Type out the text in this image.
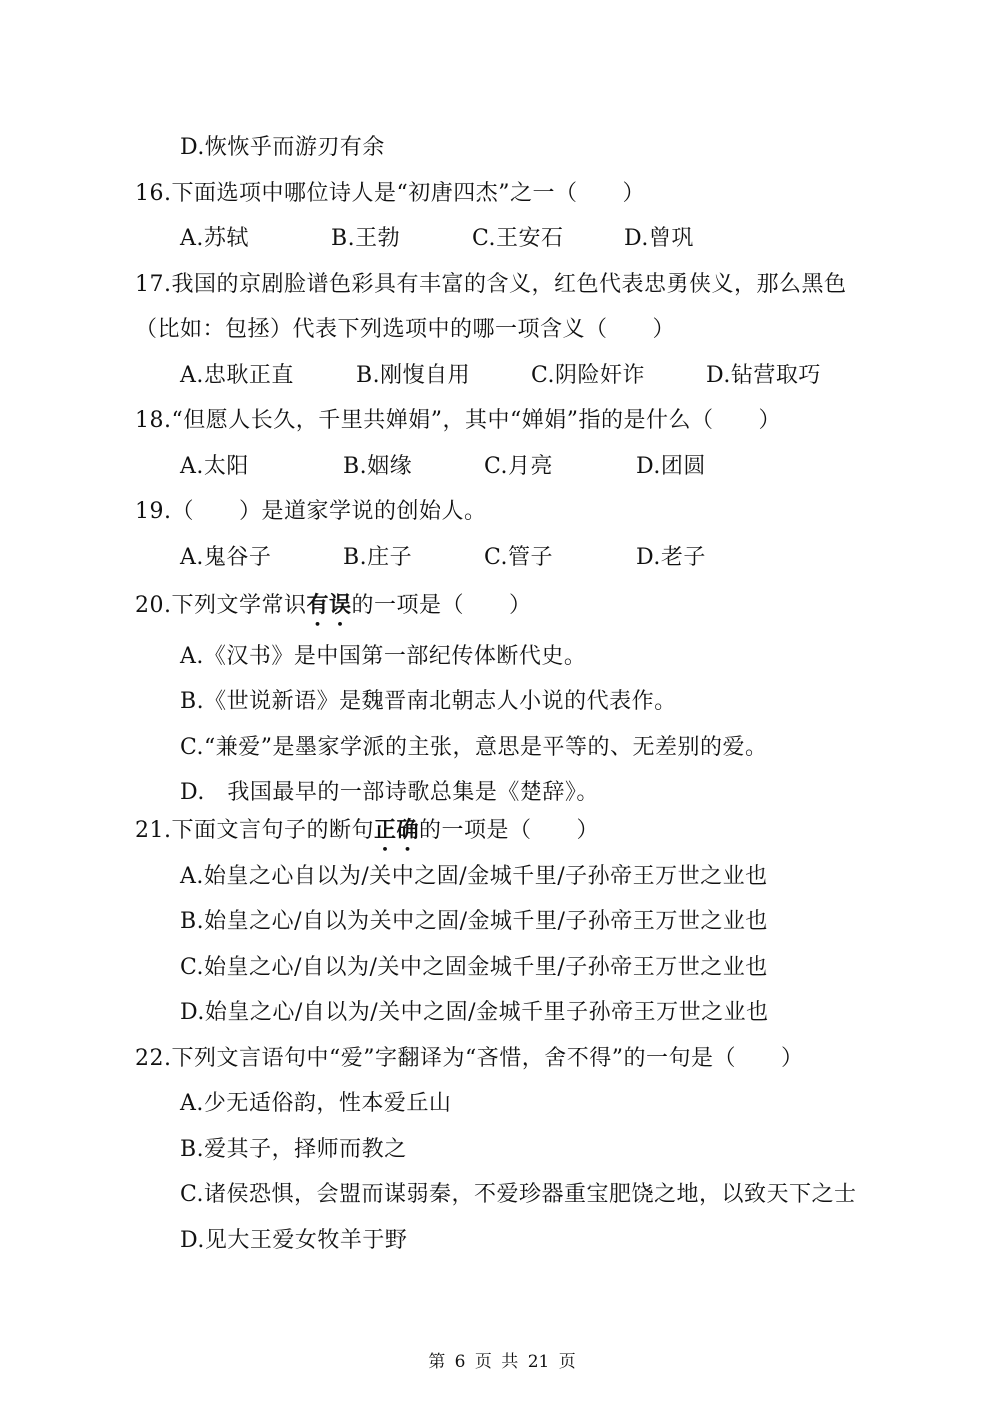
D.恢恢乎而游刃有余
16.下面选项中哪位诗人是“初唐四杰”之一（　　）
A.苏轼	B.王勃	C.王安石	D.曾巩
17.我国的京剧脸谱色彩具有丰富的含义，红色代表忠勇侠义，那么黑色
（比如：包拯）代表下列选项中的哪一项含义（　　）
A.忠耿正直	B.刚愎自用	C.阴险奸诈	D.钻营取巧
18.“但愿人长久，千里共婵娟”，其中“婵娟”指的是什么（　　）
A.太阳	B.姻缘	C.月亮	D.团圆
19.（　　）是道家学说的创始人。
A.鬼谷子	B.庄子	C.管子	D.老子
20.下列文学常识有误的一项是（　　）
A.《汉书》是中国第一部纪传体断代史。
B.《世说新语》是魏晋南北朝志人小说的代表作。
C.“兼爱”是墨家学派的主张，意思是平等的、无差别的爱。
D.　我国最早的一部诗歌总集是《楚辞》。
21.下面文言句子的断句正确的一项是（　　）
A.始皇之心自以为/关中之固/金城千里/子孙帝王万世之业也
B.始皇之心/自以为关中之固/金城千里/子孙帝王万世之业也
C.始皇之心/自以为/关中之固金城千里/子孙帝王万世之业也
D.始皇之心/自以为/关中之固/金城千里子孙帝王万世之业也
22.下列文言语句中“爱”字翻译为“吝惜，舍不得”的一句是（　　）
A.少无适俗韵，性本爱丘山
B.爱其子，择师而教之
C.诸侯恐惧，会盟而谋弱秦，不爱珍器重宝肥饶之地，以致天下之士
D.见大王爱女牧羊于野
第 6 页 共 21 页
